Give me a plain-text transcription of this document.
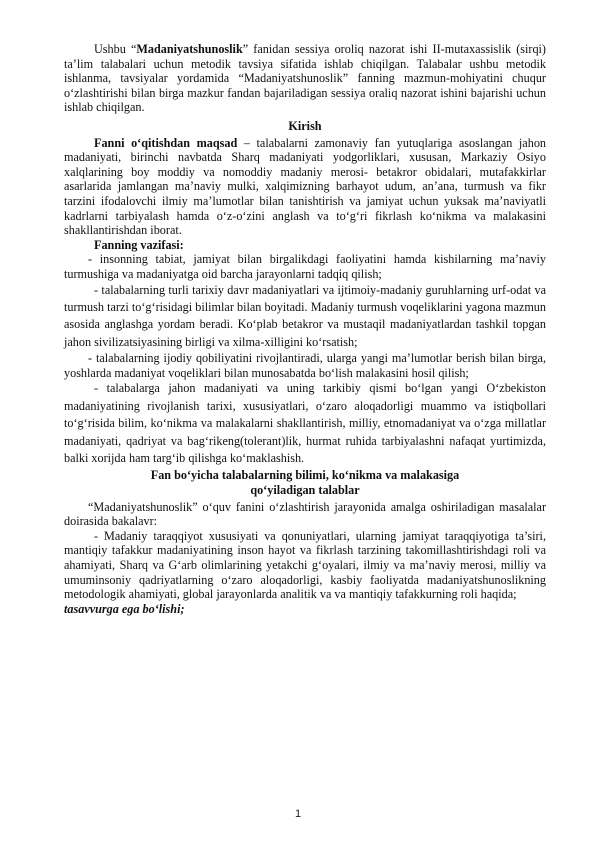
Ushbu “Madaniyatshunoslik” fanidan sessiya oroliq nazorat ishi II-mutaxassislik (sirqi) ta’lim talabalari uchun metodik tavsiya sifatida ishlab chiqilgan. Talabalar ushbu metodik ishlanma, tavsiyalar yordamida “Madaniyatshunoslik” fanning mazmun-mohiyatini chuqur o‘zlashtirishi bilan birga mazkur fandan bajariladigan sessiya oraliq nazorat ishini bajarishi uchun ishlab chiqilgan.

Kirish

Fanni o‘qitishdan maqsad – talabalarni zamonaviy fan yutuqlariga asoslangan jahon madaniyati, birinchi navbatda Sharq madaniyati yodgorliklari, xususan, Markaziy Osiyo xalqlarining boy moddiy va nomoddiy madaniy merosi- betakror obidalari, mutafakkirlar asarlarida jamlangan ma’naviy mulki, xalqimizning barhayot udum, an’ana, turmush va fikr tarzini ifodalovchi ilmiy ma’lumotlar bilan tanishtirish va jamiyat uchun yuksak ma’naviyatli kadrlarni tarbiyalash hamda o‘z-o‘zini anglash va to‘g‘ri fikrlash ko‘nikma va malakasini shakllantirishdan iborat.

Fanning vazifasi:

- insonning tabiat, jamiyat bilan birgalikdagi faoliyatini hamda kishilarning ma’naviy turmushiga va madaniyatga oid barcha jarayonlarni tadqiq qilish;

- talabalarning turli tarixiy davr madaniyatlari va ijtimoiy-madaniy guruhlarning urf-odat va turmush tarzi to‘g‘risidagi bilimlar bilan boyitadi. Madaniy turmush voqeliklarini yagona mazmun asosida anglashga yordam beradi. Ko‘plab betakror va mustaqil madaniyatlardan tashkil topgan jahon sivilizatsiyasining birligi va xilma-xilligini ko‘rsatish;

- talabalarning ijodiy qobiliyatini rivojlantiradi, ularga yangi ma’lumotlar berish bilan birga, yoshlarda madaniyat voqeliklari bilan munosabatda bo‘lish malakasini hosil qilish;

- talabalarga jahon madaniyati va uning tarkibiy qismi bo‘lgan yangi O‘zbekiston madaniyatining rivojlanish tarixi, xususiyatlari, o‘zaro aloqadorligi muammo va istiqbollari to‘g‘risida bilim, ko‘nikma va malakalarni shakllantirish, milliy, etnomadaniyat va o‘zga millatlar madaniyati, qadriyat va bag‘rikeng(tolerant)lik, hurmat ruhida tarbiyalashni nafaqat yurtimizda, balki xorijda ham targ‘ib qilishga ko‘maklashish.

Fan bo‘yicha talabalarning bilimi, ko‘nikma va malakasiga

qo‘yiladigan talablar

“Madaniyatshunoslik” o‘quv fanini o‘zlashtirish jarayonida amalga oshiriladigan masalalar doirasida bakalavr:

- Madaniy taraqqiyot xususiyati va qonuniyatlari, ularning jamiyat taraqqiyotiga ta’siri, mantiqiy tafakkur madaniyatining inson hayot va fikrlash tarzining takomillashtirishdagi roli va ahamiyati, Sharq va G‘arb olimlarining yetakchi g‘oyalari, ilmiy va ma’naviy merosi, milliy va umuminsoniy qadriyatlarning o‘zaro aloqadorligi, kasbiy faoliyatda madaniyatshunoslikning metodologik ahamiyati, global jarayonlarda analitik va va mantiqiy tafakkurning roli haqida;

tasavvurga ega bo‘lishi;

1
